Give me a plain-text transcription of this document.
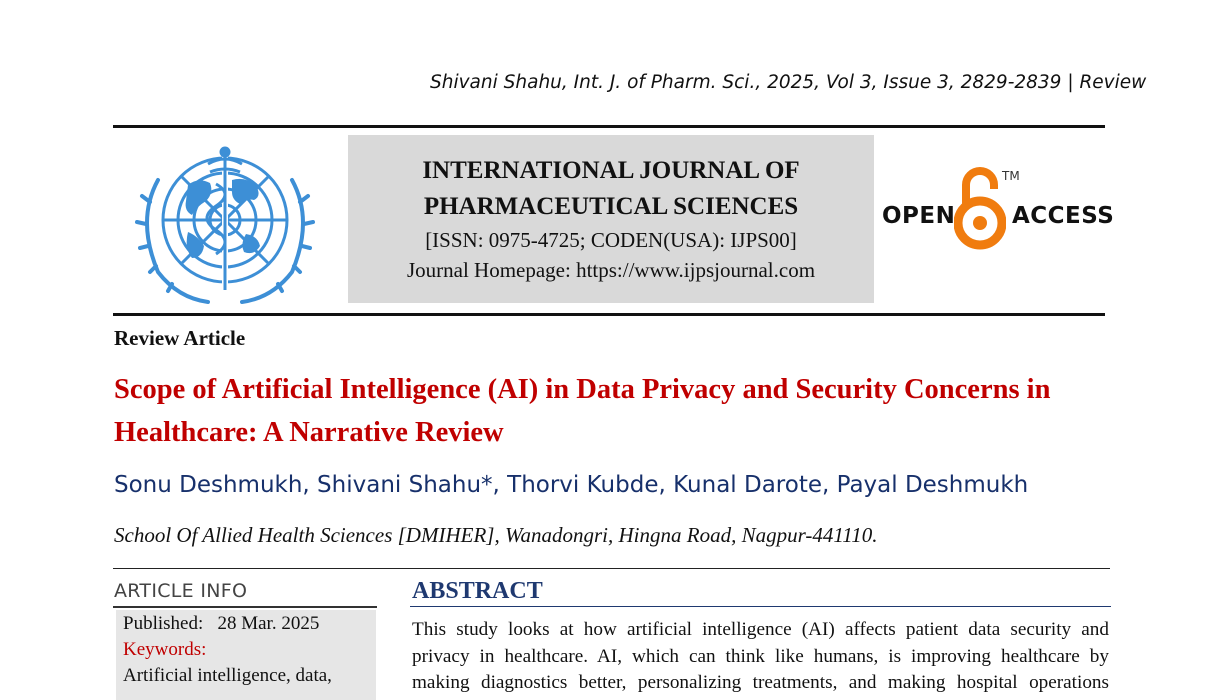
Shivani Shahu, Int. J. of Pharm. Sci., 2025, Vol 3, Issue 3, 2829-2839 | Review
INTERNATIONAL JOURNAL OF
PHARMACEUTICAL SCIENCES
[ISSN: 0975-4725; CODEN(USA): IJPS00]
Journal Homepage: https://www.ijpsjournal.com
OPEN
TM
ACCESS
Review Article
Scope of Artificial Intelligence (AI) in Data Privacy and Security Concerns in Healthcare: A Narrative Review
Sonu Deshmukh, Shivani Shahu*, Thorvi Kubde, Kunal Darote, Payal Deshmukh
School Of Allied Health Sciences [DMIHER], Wanadongri, Hingna Road, Nagpur-441110.
ARTICLE INFO
Published: 28 Mar. 2025
Keywords:
Artificial intelligence, data,
ABSTRACT
This study looks at how artificial intelligence (AI) affects patient data security and
privacy in healthcare. AI, which can think like humans, is improving healthcare by
making diagnostics better, personalizing treatments, and making hospital operations
